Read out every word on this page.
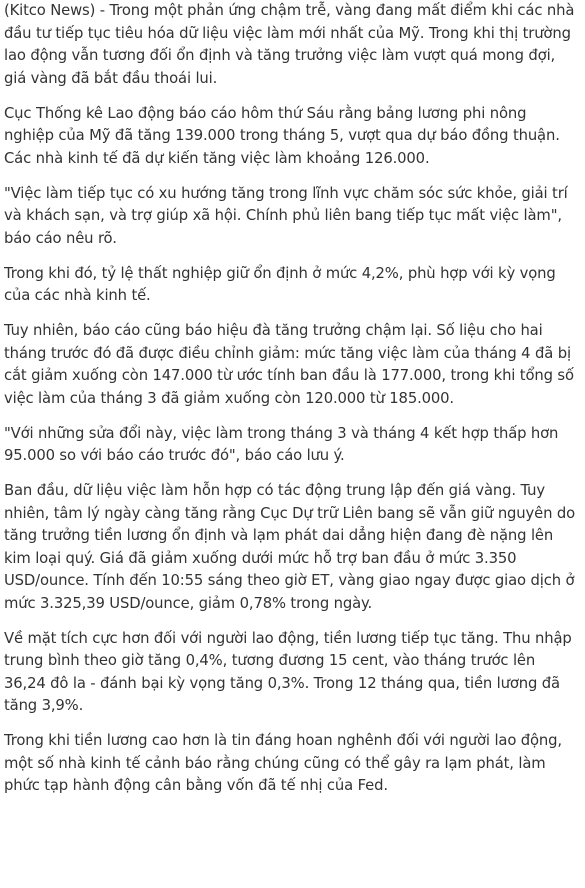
(Kitco News) - Trong một phản ứng chậm trễ, vàng đang mất điểm khi các nhà đầu tư tiếp tục tiêu hóa dữ liệu việc làm mới nhất của Mỹ. Trong khi thị trường lao động vẫn tương đối ổn định và tăng trưởng việc làm vượt quá mong đợi, giá vàng đã bắt đầu thoái lui.

Cục Thống kê Lao động báo cáo hôm thứ Sáu rằng bảng lương phi nông nghiệp của Mỹ đã tăng 139.000 trong tháng 5, vượt qua dự báo đồng thuận. Các nhà kinh tế đã dự kiến tăng việc làm khoảng 126.000.

"Việc làm tiếp tục có xu hướng tăng trong lĩnh vực chăm sóc sức khỏe, giải trí và khách sạn, và trợ giúp xã hội. Chính phủ liên bang tiếp tục mất việc làm", báo cáo nêu rõ.

Trong khi đó, tỷ lệ thất nghiệp giữ ổn định ở mức 4,2%, phù hợp với kỳ vọng của các nhà kinh tế.

Tuy nhiên, báo cáo cũng báo hiệu đà tăng trưởng chậm lại. Số liệu cho hai tháng trước đó đã được điều chỉnh giảm: mức tăng việc làm của tháng 4 đã bị cắt giảm xuống còn 147.000 từ ước tính ban đầu là 177.000, trong khi tổng số việc làm của tháng 3 đã giảm xuống còn 120.000 từ 185.000.

"Với những sửa đổi này, việc làm trong tháng 3 và tháng 4 kết hợp thấp hơn 95.000 so với báo cáo trước đó", báo cáo lưu ý.

Ban đầu, dữ liệu việc làm hỗn hợp có tác động trung lập đến giá vàng. Tuy nhiên, tâm lý ngày càng tăng rằng Cục Dự trữ Liên bang sẽ vẫn giữ nguyên do tăng trưởng tiền lương ổn định và lạm phát dai dẳng hiện đang đè nặng lên kim loại quý. Giá đã giảm xuống dưới mức hỗ trợ ban đầu ở mức 3.350 USD/ounce. Tính đến 10:55 sáng theo giờ ET, vàng giao ngay được giao dịch ở mức 3.325,39 USD/ounce, giảm 0,78% trong ngày.

Về mặt tích cực hơn đối với người lao động, tiền lương tiếp tục tăng. Thu nhập trung bình theo giờ tăng 0,4%, tương đương 15 cent, vào tháng trước lên 36,24 đô la - đánh bại kỳ vọng tăng 0,3%. Trong 12 tháng qua, tiền lương đã tăng 3,9%.

Trong khi tiền lương cao hơn là tin đáng hoan nghênh đối với người lao động, một số nhà kinh tế cảnh báo rằng chúng cũng có thể gây ra lạm phát, làm phức tạp hành động cân bằng vốn đã tế nhị của Fed.
